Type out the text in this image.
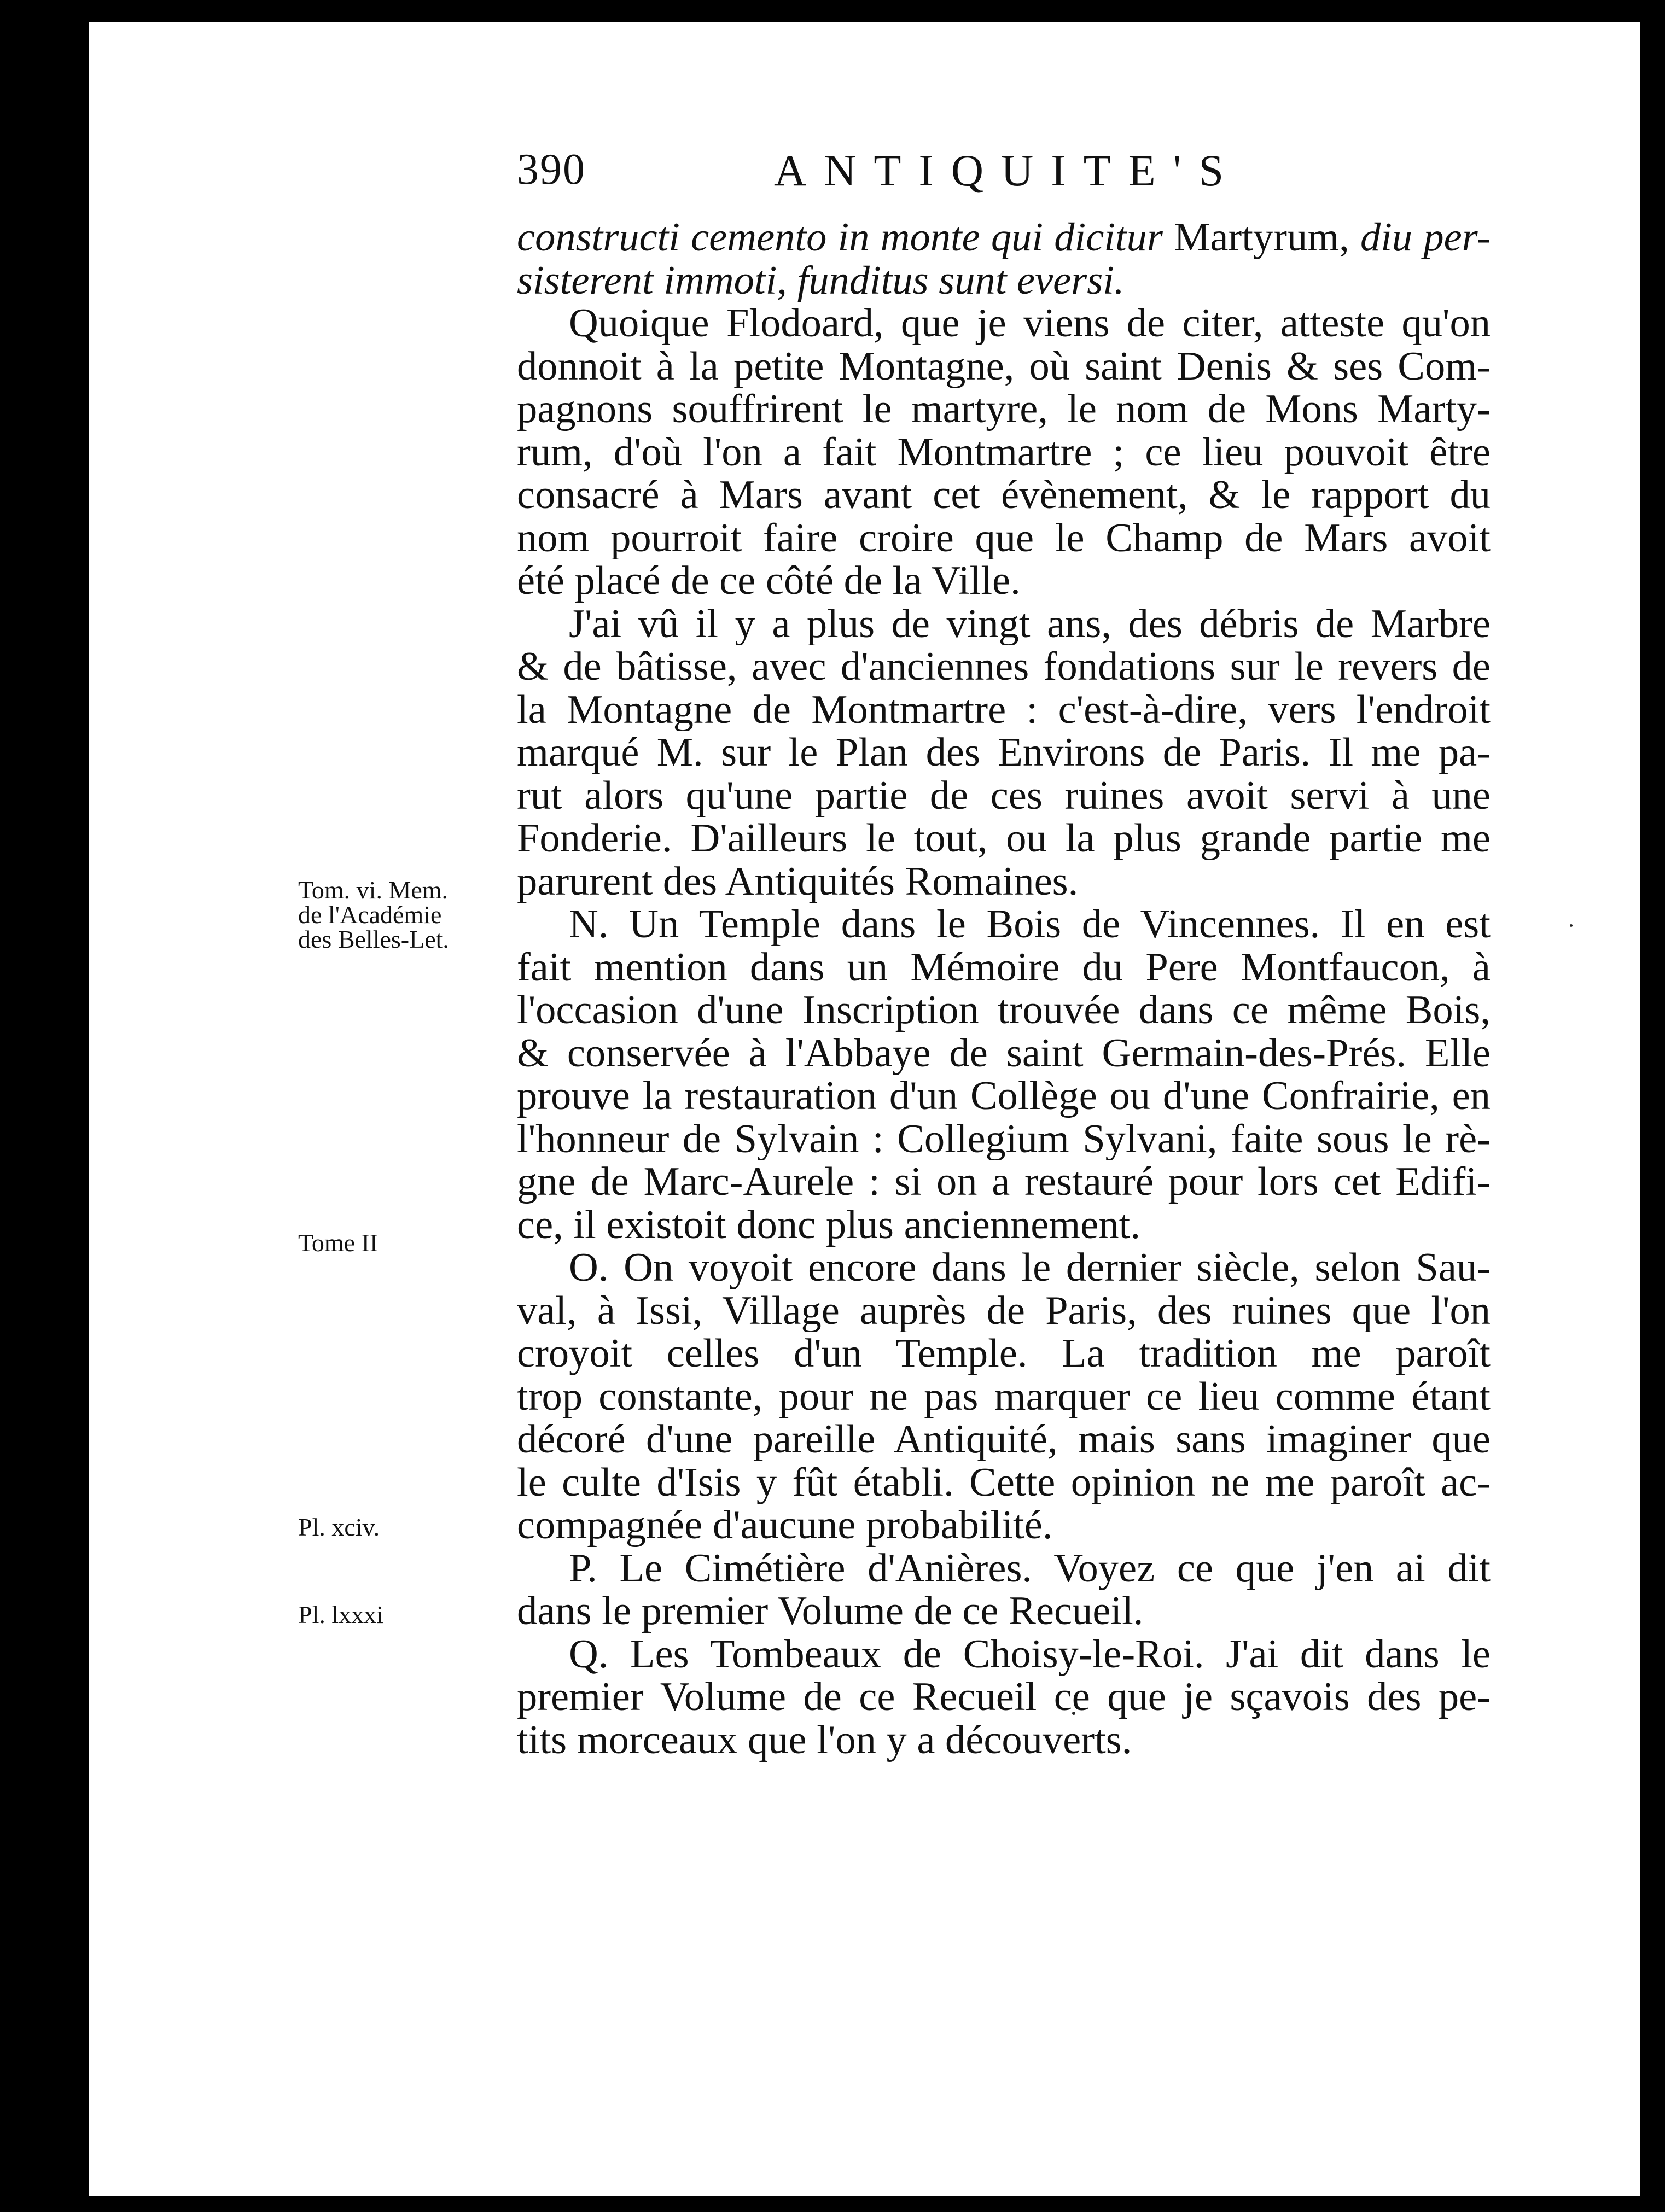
390	ANTIQUITE'S
Tom. vi. Mem.
de l'Académie
des Belles-Let.
Tome II
Pl. xciv.
Pl. lxxxi
constructi cemento in monte qui dicitur Martyrum, diu per-
sisterent immoti, funditus sunt eversi.
Quoique Flodoard, que je viens de citer, atteste qu'on
donnoit à la petite Montagne, où saint Denis & ses Com-
pagnons souffrirent le martyre, le nom de Mons Marty-
rum, d'où l'on a fait Montmartre ; ce lieu pouvoit être
consacré à Mars avant cet évènement, & le rapport du
nom pourroit faire croire que le Champ de Mars avoit
été placé de ce côté de la Ville.
J'ai vû il y a plus de vingt ans, des débris de Marbre
& de bâtisse, avec d'anciennes fondations sur le revers de
la Montagne de Montmartre : c'est-à-dire, vers l'endroit
marqué M. sur le Plan des Environs de Paris. Il me pa-
rut alors qu'une partie de ces ruines avoit servi à une
Fonderie. D'ailleurs le tout, ou la plus grande partie me
parurent des Antiquités Romaines.
N. Un Temple dans le Bois de Vincennes. Il en est
fait mention dans un Mémoire du Pere Montfaucon, à
l'occasion d'une Inscription trouvée dans ce même Bois,
& conservée à l'Abbaye de saint Germain-des-Prés. Elle
prouve la restauration d'un Collège ou d'une Confrairie, en
l'honneur de Sylvain : Collegium Sylvani, faite sous le rè-
gne de Marc-Aurele : si on a restauré pour lors cet Edifi-
ce, il existoit donc plus anciennement.
O. On voyoit encore dans le dernier siècle, selon Sau-
val, à Issi, Village auprès de Paris, des ruines que l'on
croyoit celles d'un Temple. La tradition me paroît
trop constante, pour ne pas marquer ce lieu comme étant
décoré d'une pareille Antiquité, mais sans imaginer que
le culte d'Isis y fût établi. Cette opinion ne me paroît ac-
compagnée d'aucune probabilité.
P. Le Cimétière d'Anières. Voyez ce que j'en ai dit
dans le premier Volume de ce Recueil.
Q. Les Tombeaux de Choisy-le-Roi. J'ai dit dans le
premier Volume de ce Recueil ce que je sçavois des pe-
tits morceaux que l'on y a découverts.
